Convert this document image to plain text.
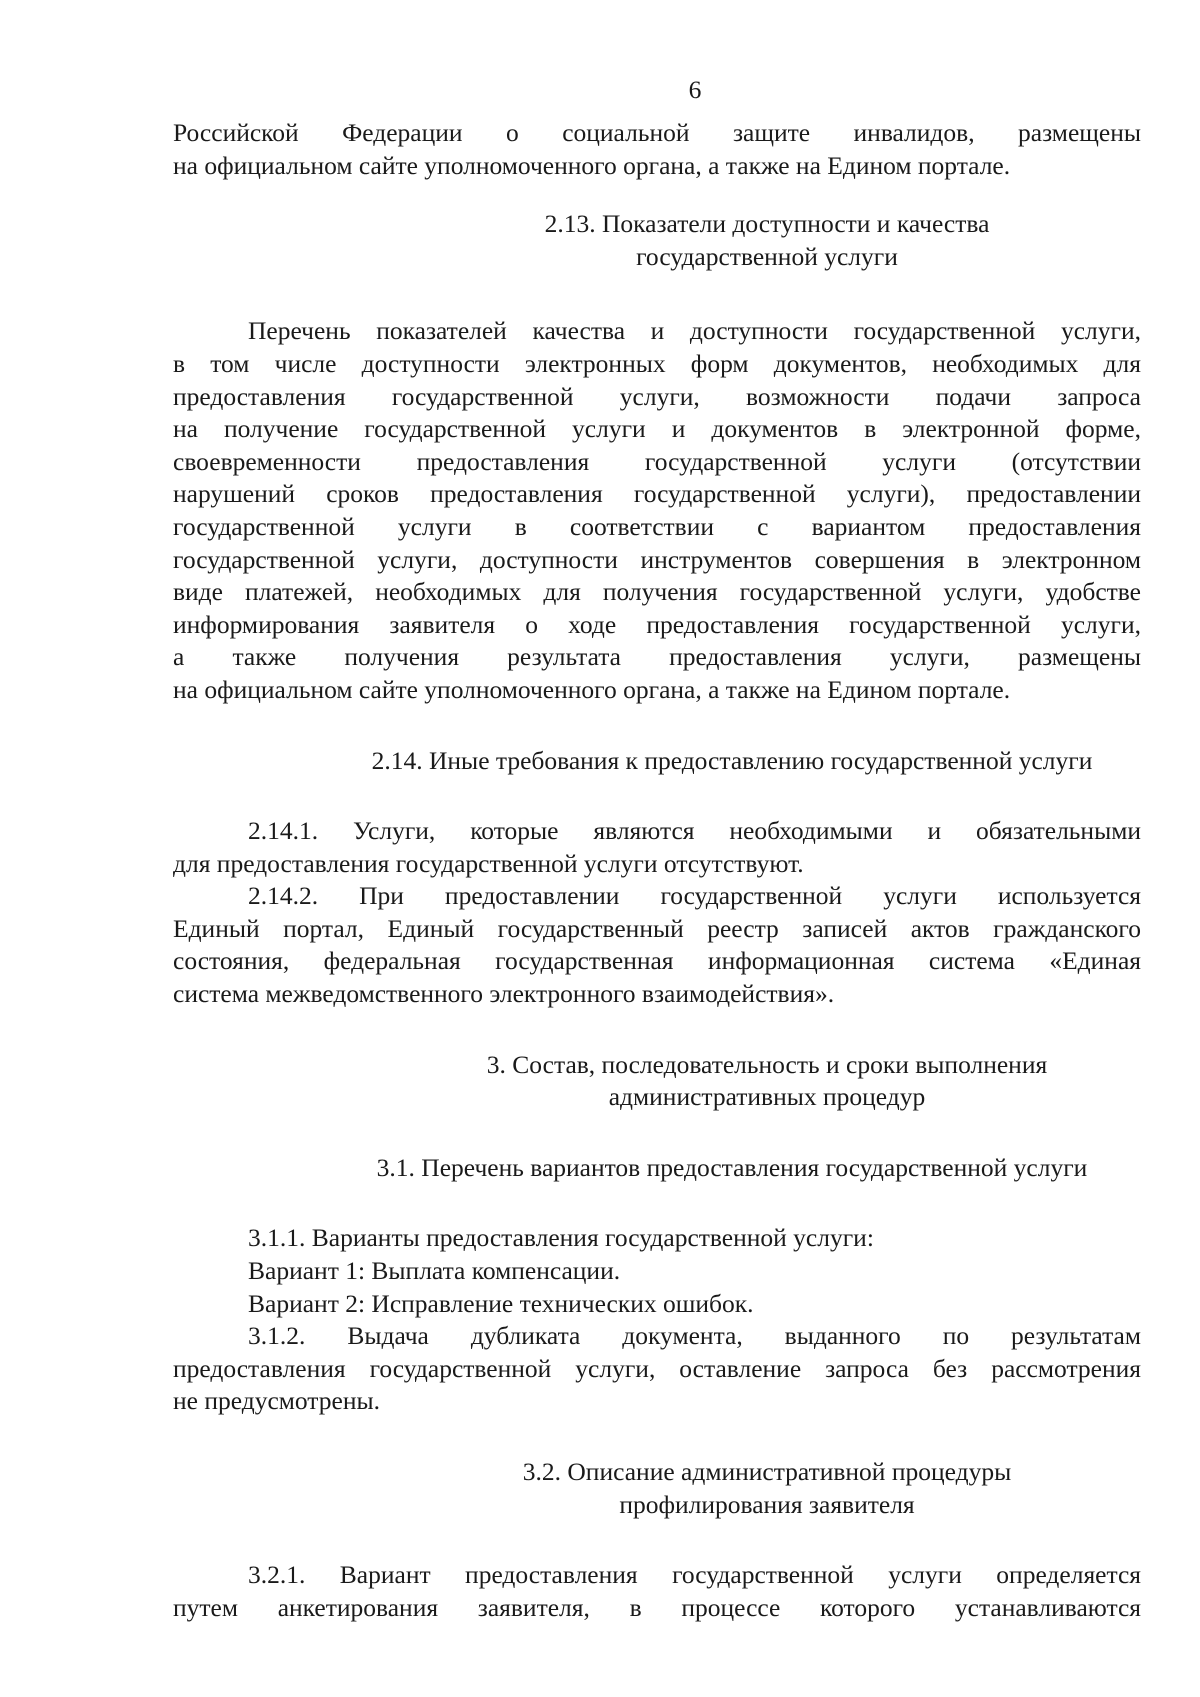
6

Российской Федерации о социальной защите инвалидов, размещены

на официальном сайте уполномоченного органа, а также на Едином портале.

2.13. Показатели доступности и качества
государственной услуги

Перечень показателей качества и доступности государственной услуги,

в том числе доступности электронных форм документов, необходимых для

предоставления государственной услуги, возможности подачи запроса

на получение государственной услуги и документов в электронной форме,

своевременности предоставления государственной услуги (отсутствии

нарушений сроков предоставления государственной услуги), предоставлении

государственной услуги в соответствии с вариантом предоставления

государственной услуги, доступности инструментов совершения в электронном

виде платежей, необходимых для получения государственной услуги, удобстве

информирования заявителя о ходе предоставления государственной услуги,

а также получения результата предоставления услуги, размещены

на официальном сайте уполномоченного органа, а также на Едином портале.

2.14. Иные требования к предоставлению государственной услуги

2.14.1. Услуги, которые являются необходимыми и обязательными

для предоставления государственной услуги отсутствуют.

2.14.2. При предоставлении государственной услуги используется

Единый портал, Единый государственный реестр записей актов гражданского

состояния, федеральная государственная информационная система «Единая

система межведомственного электронного взаимодействия».

3. Состав, последовательность и сроки выполнения
административных процедур
3.1. Перечень вариантов предоставления государственной услуги

3.1.1. Варианты предоставления государственной услуги:

Вариант 1: Выплата компенсации.

Вариант 2: Исправление технических ошибок.

3.1.2. Выдача дубликата документа, выданного по результатам

предоставления государственной услуги, оставление запроса без рассмотрения

не предусмотрены.

3.2. Описание административной процедуры
профилирования заявителя

3.2.1. Вариант предоставления государственной услуги определяется

путем анкетирования заявителя, в процессе которого устанавливаются
